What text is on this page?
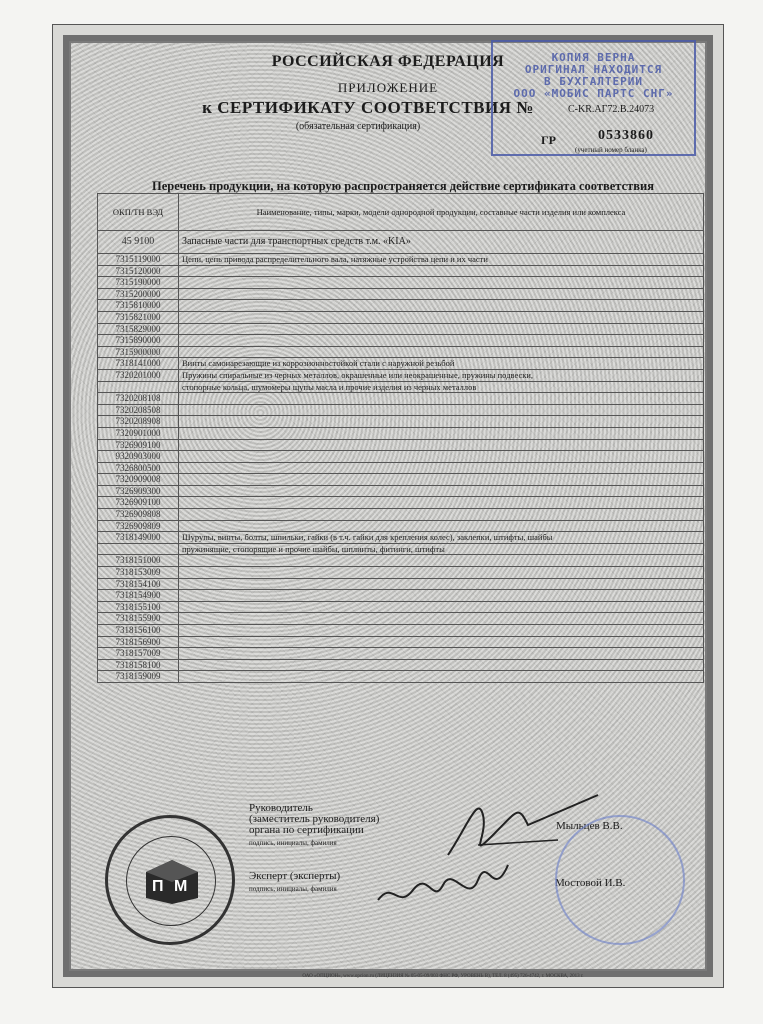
РОССИЙСКАЯ ФЕДЕРАЦИЯ
ПРИЛОЖЕНИЕ
к СЕРТИФИКАТУ СООТВЕТСТВИЯ №
(обязательная сертификация)
С-KR.AГ72.В.24073
ГР	0533860
(учетный номер бланка)
КОПИЯ ВЕРНА
ОРИГИНАЛ НАХОДИТСЯ
В БУХГАЛТЕРИИ
ООО «МОБИС ПАРТС СНГ»
Перечень продукции, на которую распространяется действие сертификата соответствия
ОКП/ТН ВЭД	Наименование, типы, марки, модели однородной продукции, составные части изделия или комплекса
45 9100	Запасные части для транспортных средств т.м. «KIA»
7315119000	Цепи, цепь привода распределительного вала, натяжные устройства цепи и их части
7315120000	
7315190000	
7315200000	
7315810000	
7315821000	
7315829000	
7315890000	
7315900000	
7318141000	Винты самонарезающие из коррозионностойкой стали с наружной резьбой
7320201000	Пружины спиральные из черных металлов, окрашенные или неокрашенные, пружины подвески,
	стопорные кольца, шумомеры щупы масла и прочие изделия из черных металлов
7320208108	
7320208508	
7320208908	
7320901000	
7326909100	
9320903000	
7326800500	
7320909008	
7326909300	
7326909100	
7326909808	
7326909809	
7318149000	Шурупы, винты, болты, шпильки, гайки (в т.ч. гайки для крепления колес), заклепки, штифты, шайбы
	пружинящие, стопорящие и прочие шайбы, шплинты, фитинги, штифты
7318151000	
7318153009	
7318154100	
7318154900	
7318155100	
7318155900	
7318156100	
7318156900	
7318157009	
7318158100	
7318159009	
Руководитель
(заместитель руководителя)
органа по сертификации
подпись, инициалы, фамилия
Мыльцев В.В.
Эксперт (эксперты)
подпись, инициалы, фамилия	Мостовой И.В.
П М
ОАО «ОПЦИОН», www.opcion.ru (ЛИЦЕНЗИЯ № 05-05-09/003 ФНС РФ, УРОВЕНЬ В), ТЕЛ. 8 (495) 726-4742, г. МОСКВА, 2013 г.
